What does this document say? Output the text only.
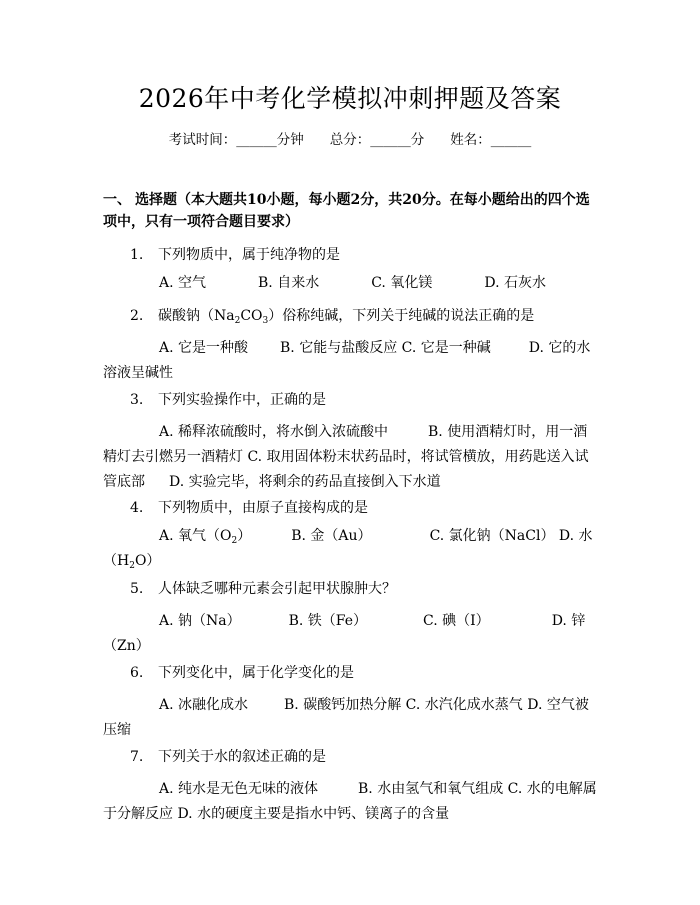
2026年中考化学模拟冲刺押题及答案
考试时间：______分钟 总分：______分 姓名：______
一、 选择题（本大题共10小题，每小题2分，共20分。在每小题给出的四个选项中，只有一项符合题目要求）
1. 下列物质中，属于纯净物的是
A. 空气	B. 自来水	C. 氧化镁	D. 石灰水
2. 碳酸钠$(Na_2CO_3)$俗称纯碱，下列关于纯碱的说法正确的是
A. 它是一种酸 B. 它能与盐酸反应 C. 它是一种碱	D. 它的水溶液呈碱性
3. 下列实验操作中，正确的是
A. 稀释浓硫酸时，将水倒入浓硫酸中	B. 使用酒精灯时，用一酒精灯去引燃另一酒精灯 C. 取用固体粉末状药品时，将试管横放，用药匙送入试管底部 D. 实验完毕，将剩余的药品直接倒入下水道
4. 下列物质中，由原子直接构成的是
A. 氧气$(O_2)$	B. 金（Au）	C. 氯化钠（NaCl） D. 水$(H_2O)$
5. 人体缺乏哪种元素会引起甲状腺肿大？
A. 钠（Na）	B. 铁（Fe）	C. 碘（I）	D. 锌（Zn）
6. 下列变化中，属于化学变化的是
A. 冰融化成水	B. 碳酸钙加热分解 C. 水汽化成水蒸气 D. 空气被压缩
7. 下列关于水的叙述正确的是
A. 纯水是无色无味的液体	B. 水由氢气和氧气组成 C. 水的电解属于分解反应 D. 水的硬度主要是指水中钙、镁离子的含量
